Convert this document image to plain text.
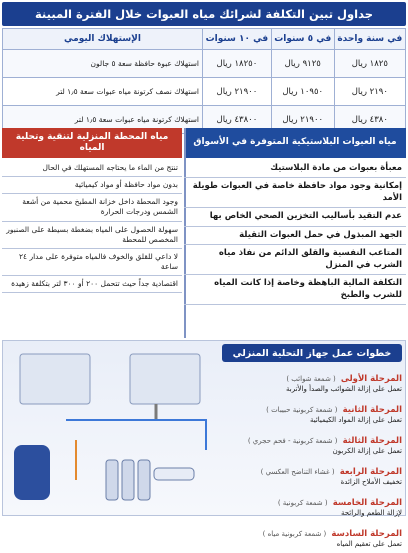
جداول تبين التكلفة لشرائك مياه العبوات خلال الفترة المبينة
في سنة واحدة	في ٥ سنوات	في ١٠ سنوات	الإستهلاك اليومي
١٨٢٥ ريال	٩١٢٥ ريال	١٨٢٥٠ ريال	استهلاك عبوة حافظة سعة ٥ جالون
٢١٩٠ ريال	١٠٩٥٠ ريال	٢١٩٠٠ ريال	استهلاك نصف كرتونة مياه عبوات سعة ١٫٥ لتر
٤٣٨٠ ريال	٢١٩٠٠ ريال	٤٣٨٠٠ ريال	استهلاك كرتونة مياه عبوات سعة ١٫٥ لتر
مياه العبوات البلاستيكية المتوفرة في الأسواق
مياه المحطة المنزلية لتنقية وتحلية المياه
معبأة بعبوات من مادة البلاستيك
إمكانية وجود مواد حافظة خاصة في العبوات طويلة الأمد
عدم التقيد بأساليب التخزين الصحي الخاص بها
الجهد المبذول في حمل العبوات الثقيلة
المتاعب النفسية والقلق الدائم من نفاذ مياه الشرب في المنزل
التكلفة المالية الباهظة وخاصة إذا كانت المياه للشرب والطبخ
تنتج من الماء ما يحتاجه المستهلك في الحال
بدون مواد حافظة أو مواد كيميائية
وجود المحطة داخل خزانة المطبخ محمية من أشعة الشمس ودرجات الحرارة
سهولة الحصول على المياه بضغطة بسيطة على الصنبور المخصص للمحطة
لا داعي للقلق والخوف فالمياه متوفرة على مدار ٢٤ ساعة
اقتصادية جداً حيث تتحمل ٢٠٠ أو ٣٠٠ لتر بتكلفة زهيدة
خطوات عمل جهاز التحلية المنزلي
المرحلة الأولى ( شمعة شوائب )
تعمل على إزالة الشوائب والصدأ والأتربة
المرحلة الثانية ( شمعة كربونية حبيبات )
تعمل على إزالة المواد الكيميائية
المرحلة الثالثة ( شمعة كربونية - فحم حجري )
تعمل على إزالة الكربون
المرحلة الرابعة ( غشاء التناضح العكسي )
تخفيف الأملاح الزائدة
المرحلة الخامسة ( شمعة كربونية )
لإزالة الطعم والرائحة
المرحلة السادسة ( شمعة كربونية مياه )
تعمل على تعقيم المياه
